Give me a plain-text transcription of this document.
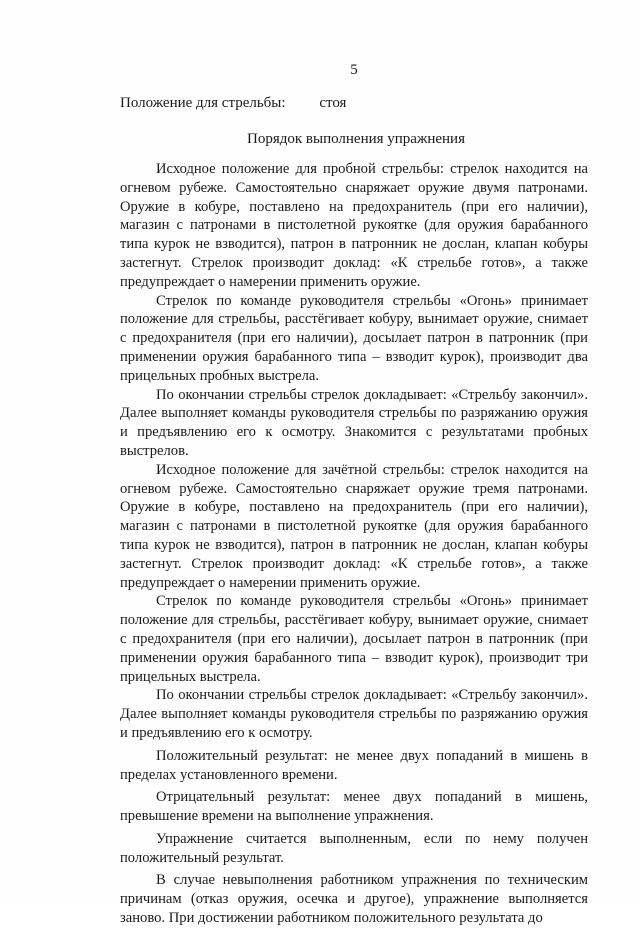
5
Положение для стрельбы: стоя
Порядок выполнения упражнения

Исходное положение для пробной стрельбы: стрелок находится на огневом рубеже. Самостоятельно снаряжает оружие двумя патронами. Оружие в кобуре, поставлено на предохранитель (при его наличии), магазин с патронами в пистолетной рукоятке (для оружия барабанного типа курок не взводится), патрон в патронник не дослан, клапан кобуры застегнут. Стрелок производит доклад: «К стрельбе готов», а также предупреждает о намерении применить оружие.

Стрелок по команде руководителя стрельбы «Огонь» принимает положение для стрельбы, расстёгивает кобуру, вынимает оружие, снимает с предохранителя (при его наличии), досылает патрон в патронник (при применении оружия барабанного типа – взводит курок), производит два прицельных пробных выстрела.

По окончании стрельбы стрелок докладывает: «Стрельбу закончил». Далее выполняет команды руководителя стрельбы по разряжанию оружия и предъявлению его к осмотру. Знакомится с результатами пробных выстрелов.

Исходное положение для зачётной стрельбы: стрелок находится на огневом рубеже. Самостоятельно снаряжает оружие тремя патронами. Оружие в кобуре, поставлено на предохранитель (при его наличии), магазин с патронами в пистолетной рукоятке (для оружия барабанного типа курок не взводится), патрон в патронник не дослан, клапан кобуры застегнут. Стрелок производит доклад: «К стрельбе готов», а также предупреждает о намерении применить оружие.

Стрелок по команде руководителя стрельбы «Огонь» принимает положение для стрельбы, расстёгивает кобуру, вынимает оружие, снимает с предохранителя (при его наличии), досылает патрон в патронник (при применении оружия барабанного типа – взводит курок), производит три прицельных выстрела.

По окончании стрельбы стрелок докладывает: «Стрельбу закончил». Далее выполняет команды руководителя стрельбы по разряжанию оружия и предъявлению его к осмотру.

Положительный результат: не менее двух попаданий в мишень в пределах установленного времени.

Отрицательный результат: менее двух попаданий в мишень, превышение времени на выполнение упражнения.

Упражнение считается выполненным, если по нему получен положительный результат.

В случае невыполнения работником упражнения по техническим причинам (отказ оружия, осечка и другое), упражнение выполняется заново. При достижении работником положительного результата до
